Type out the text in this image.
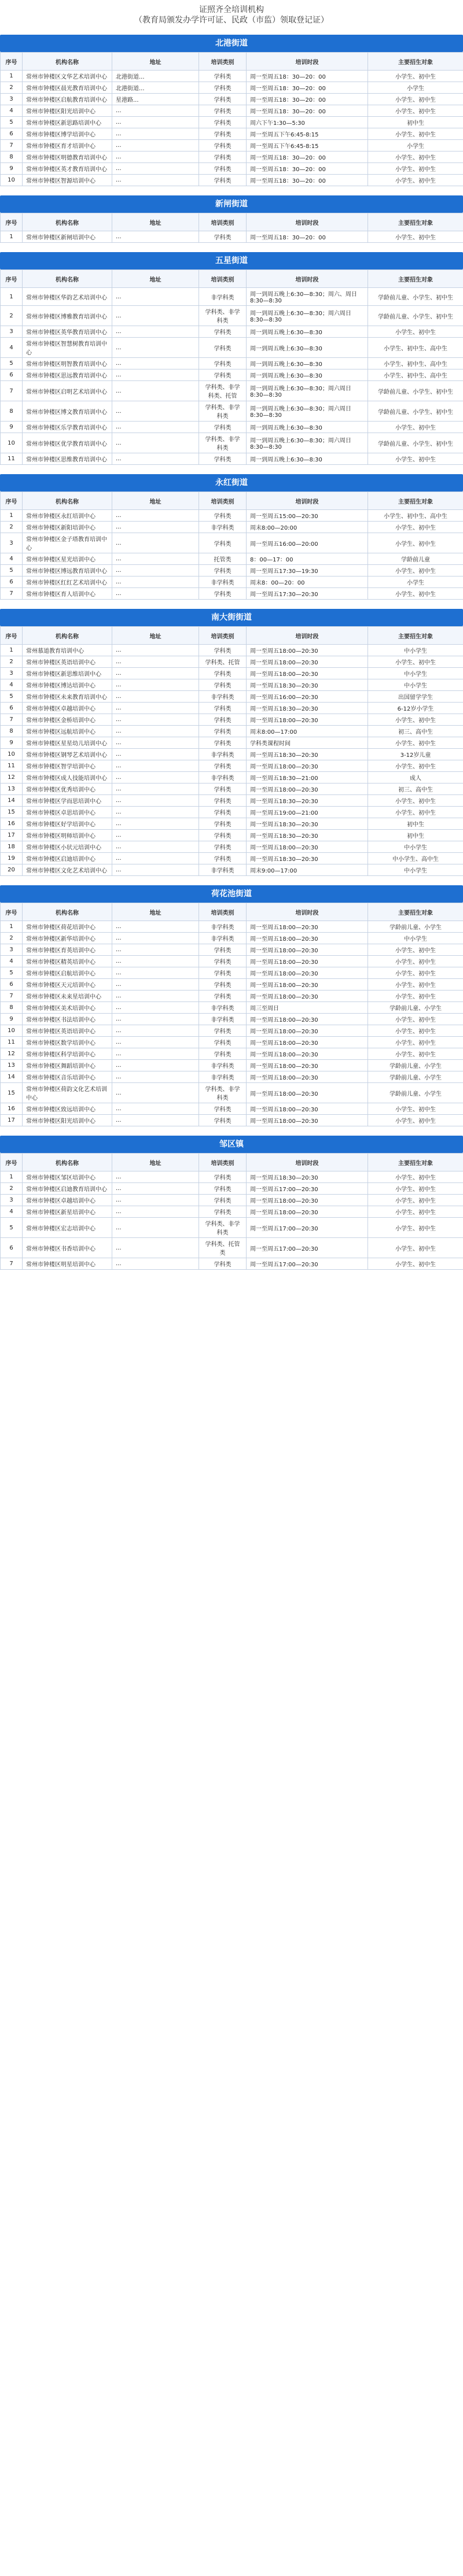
证照齐全培训机构
（教育局颁发办学许可证、民政（市监）领取登记证）
北港街道
序号	机构名称	地址	培训类别	培训时段	主要招生对象
1	常州市钟楼区文华艺术培训中心	北港街道...	学科类	周一至周五18：30—20：00	小学生、初中生
2	常州市钟楼区晨光教育培训中心	北港街道...	学科类	周一至周五18：30—20：00	小学生
3	常州市钟楼区启航教育培训中心	星港路...	学科类	周一至周五18：30—20：00	小学生、初中生
4	常州市钟楼区阳光培训中心	...	学科类	周一至周五18：30—20：00	小学生、初中生
5	常州市钟楼区新思路培训中心	...	学科类	周六下午1:30—5:30	初中生
6	常州市钟楼区博学培训中心	...	学科类	周一至周五下午6:45-8:15	小学生、初中生
7	常州市钟楼区育才培训中心	...	学科类	周一至周五下午6:45-8:15	小学生
8	常州市钟楼区明德教育培训中心	...	学科类	周一至周五18：30—20：00	小学生、初中生
9	常州市钟楼区英才教育培训中心	...	学科类	周一至周五18：30—20：00	小学生、初中生
10	常州市钟楼区智源培训中心	...	学科类	周一至周五18：30—20：00	小学生、初中生
新闸街道
序号	机构名称	地址	培训类别	培训时段	主要招生对象
1	常州市钟楼区新闸培训中心	...	学科类	周一至周五18：30—20：00	小学生、初中生
五星街道
序号	机构名称	地址	培训类别	培训时段	主要招生对象
1	常州市钟楼区华韵艺术培训中心	...	非学科类	周一到周五晚上6:30—8:30；周六、周日8:30—8:30	学龄前儿童、小学生、初中生
2	常州市钟楼区博雅教育培训中心	...	学科类、非学科类	周一到周五晚上6:30—8:30；周六周日8:30—8:30	学龄前儿童、小学生、初中生
3	常州市钟楼区英华教育培训中心	...	学科类	周一到周五晚上6:30—8:30	小学生、初中生
4	常州市钟楼区智慧树教育培训中心	...	学科类	周一到周五晚上6:30—8:30	小学生、初中生、高中生
5	常州市钟楼区明智教育培训中心	...	学科类	周一到周五晚上6:30—8:30	小学生、初中生、高中生
6	常州市钟楼区思远教育培训中心	...	学科类	周一到周五晚上6:30—8:30	小学生、初中生、高中生
7	常州市钟楼区启明艺术培训中心	...	学科类、非学科类、托管	周一到周五晚上6:30—8:30；周六周日8:30—8:30	学龄前儿童、小学生、初中生
8	常州市钟楼区博文教育培训中心	...	学科类、非学科类	周一到周五晚上6:30—8:30；周六周日8:30—8:30	学龄前儿童、小学生、初中生
9	常州市钟楼区乐学教育培训中心	...	学科类	周一到周五晚上6:30—8:30	小学生、初中生
10	常州市钟楼区优学教育培训中心	...	学科类、非学科类	周一到周五晚上6:30—8:30；周六周日8:30—8:30	学龄前儿童、小学生、初中生
11	常州市钟楼区思维教育培训中心	...	学科类	周一到周五晚上6:30—8:30	小学生、初中生
永红街道
序号	机构名称	地址	培训类别	培训时段	主要招生对象
1	常州市钟楼区永红培训中心	...	学科类	周一至周五15:00—20:30	小学生、初中生、高中生
2	常州市钟楼区新阳培训中心	...	非学科类	周末8:00—20:00	小学生、初中生
3	常州市钟楼区金子塔教育培训中心	...	学科类	周一至周五16:00—20:00	小学生、初中生
4	常州市钟楼区星光培训中心	...	托管类	8：00—17：00	学龄前儿童
5	常州市钟楼区博远教育培训中心	...	学科类	周一至周五17:30—19:30	小学生、初中生
6	常州市钟楼区红红艺术培训中心	...	非学科类	周末8：00—20：00	小学生
7	常州市钟楼区育人培训中心	...	学科类	周一至周五17:30—20:30	小学生、初中生
南大街街道
序号	机构名称	地址	培训类别	培训时段	主要招生对象
1	常州慕道教育培训中心	...	学科类	周一至周五18:00—20:30	中小学生
2	常州市钟楼区英语培训中心	...	学科类、托管	周一至周五18:00—20:30	小学生、初中生
3	常州市钟楼区新思维培训中心	...	学科类	周一至周五18:00—20:30	中小学生
4	常州市钟楼区博达培训中心	...	学科类	周一至周五18:30—20:30	中小学生
5	常州市钟楼区未来教育培训中心	...	非学科类	周一至周五16:00—20:30	出国留学学生
6	常州市钟楼区卓越培训中心	...	学科类	周一至周五18:30—20:30	6-12岁小学生
7	常州市钟楼区金桥培训中心	...	学科类	周一至周五18:00—20:30	小学生、初中生
8	常州市钟楼区远航培训中心	...	学科类	周末8:00—17:00	初三、高中生
9	常州市钟楼区星星幼儿培训中心	...	学科类	学科类课程时间	小学生、初中生
10	常州市钟楼区钢琴艺术培训中心	...	非学科类	周一至周五18:30—20:30	3-12岁儿童
11	常州市钟楼区智学培训中心	...	学科类	周一至周五18:00—20:30	小学生、初中生
12	常州市钟楼区成人技能培训中心	...	非学科类	周一至周五18:30—21:00	成人
13	常州市钟楼区优秀培训中心	...	学科类	周一至周五18:00—20:30	初三、高中生
14	常州市钟楼区学而思培训中心	...	学科类	周一至周五18:30—20:30	小学生、初中生
15	常州市钟楼区卓思培训中心	...	学科类	周一至周五19:00—21:00	小学生、初中生
16	常州市钟楼区好学培训中心	...	学科类	周一至周五18:30—20:30	初中生
17	常州市钟楼区明师培训中心	...	学科类	周一至周五18:30—20:30	初中生
18	常州市钟楼区小状元培训中心	...	学科类	周一至周五18:00—20:30	中小学生
19	常州市钟楼区启迪培训中心	...	学科类	周一至周五18:30—20:30	中小学生、高中生
20	常州市钟楼区文化艺术培训中心	...	非学科类	周末9:00—17:00	中小学生
荷花池街道
序号	机构名称	地址	培训类别	培训时段	主要招生对象
1	常州市钟楼区荷花培训中心	...	非学科类	周一至周五18:00—20:30	学龄前儿童、小学生
2	常州市钟楼区新华培训中心	...	非学科类	周一至周五18:00—20:30	中小学生
3	常州市钟楼区育英培训中心	...	学科类	周一至周五18:00—20:30	小学生、初中生
4	常州市钟楼区精英培训中心	...	学科类	周一至周五18:00—20:30	小学生、初中生
5	常州市钟楼区启航培训中心	...	学科类	周一至周五18:00—20:30	小学生、初中生
6	常州市钟楼区天元培训中心	...	学科类	周一至周五18:00—20:30	小学生、初中生
7	常州市钟楼区未来星培训中心	...	学科类	周一至周五18:00—20:30	小学生、初中生
8	常州市钟楼区美术培训中心	...	非学科类	周三至周日	学龄前儿童、小学生
9	常州市钟楼区书法培训中心	...	非学科类	周一至周五18:00—20:30	小学生、初中生
10	常州市钟楼区英语培训中心	...	学科类	周一至周五18:00—20:30	小学生、初中生
11	常州市钟楼区数学培训中心	...	学科类	周一至周五18:00—20:30	小学生、初中生
12	常州市钟楼区科学培训中心	...	学科类	周一至周五18:00—20:30	小学生、初中生
13	常州市钟楼区舞蹈培训中心	...	非学科类	周一至周五18:00—20:30	学龄前儿童、小学生
14	常州市钟楼区音乐培训中心	...	非学科类	周一至周五18:00—20:30	学龄前儿童、小学生
15	常州市钟楼区荷韵文化艺术培训中心	...	学科类、非学科类	周一至周五18:00—20:30	学龄前儿童、小学生
16	常州市钟楼区致远培训中心	...	学科类	周一至周五18:00—20:30	小学生、初中生
17	常州市钟楼区阳光培训中心	...	学科类	周一至周五18:00—20:30	小学生、初中生
邹区镇
序号	机构名称	地址	培训类别	培训时段	主要招生对象
1	常州市钟楼区邹区培训中心	...	学科类	周一至周五18:30—20:30	小学生、初中生
2	常州市钟楼区启迪教育培训中心	...	学科类	周一至周五17:00—20:30	小学生、初中生
3	常州市钟楼区卓越培训中心	...	学科类	周一至周五18:00—20:30	小学生、初中生
4	常州市钟楼区新星培训中心	...	学科类	周一至周五18:00—20:30	小学生、初中生
5	常州市钟楼区宏志培训中心	...	学科类、非学科类	周一至周五17:00—20:30	小学生、初中生
6	常州市钟楼区书香培训中心	...	学科类、托管类	周一至周五17:00—20:30	小学生、初中生
7	常州市钟楼区明星培训中心	...	学科类	周一至周五17:00—20:30	小学生、初中生
